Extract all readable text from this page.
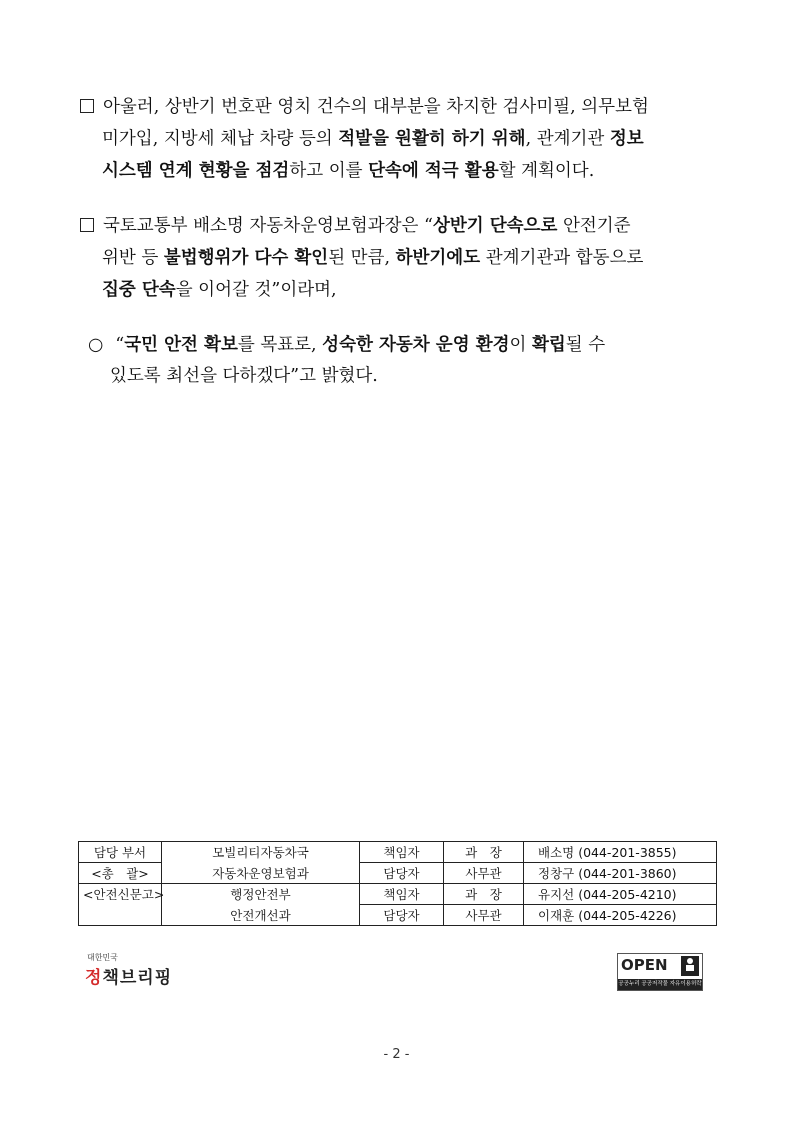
아울러, 상반기 번호판 영치 건수의 대부분을 차지한 검사미필, 의무보험
미가입, 지방세 체납 차량 등의 적발을 원활히 하기 위해, 관계기관 정보
시스템 연계 현황을 점검하고 이를 단속에 적극 활용할 계획이다.
국토교통부 배소명 자동차운영보험과장은 “상반기 단속으로 안전기준
위반 등 불법행위가 다수 확인된 만큼, 하반기에도 관계기관과 합동으로
집중 단속을 이어갈 것”이라며,
○ “국민 안전 확보를 목표로, 성숙한 자동차 운영 환경이 확립될 수
있도록 최선을 다하겠다”고 밝혔다.
담당 부서	모빌리티자동차국	책임자	과　장	배소명 (044-201-3855)
<총　괄>	자동차운영보험과	담당자	사무관	정창구 (044-201-3860)
<안전신문고>	행정안전부	책임자	과　장	유지선 (044-205-4210)
	안전개선과	담당자	사무관	이재훈 (044-205-4226)
대한민국
정책브리핑
OPEN
공공누리 공공저작물 자유이용허락
- 2 -
